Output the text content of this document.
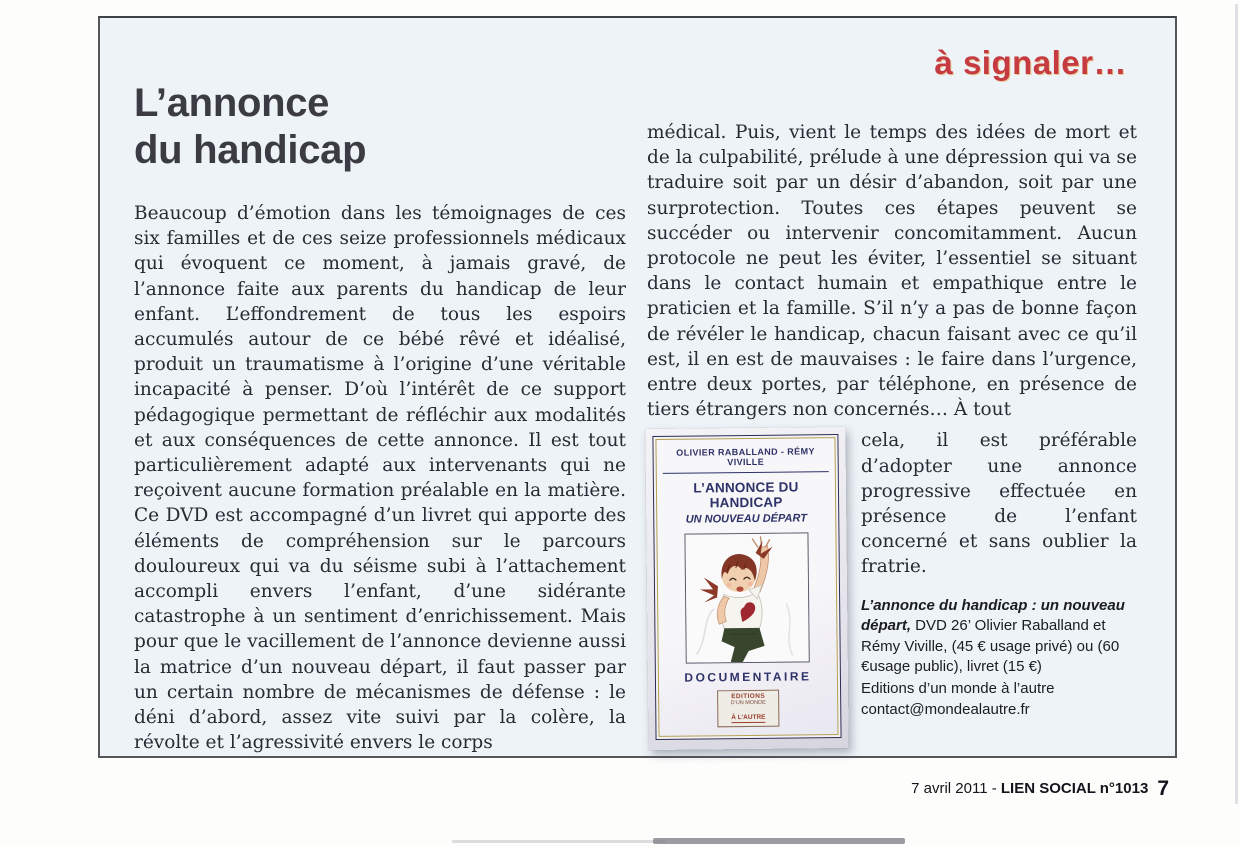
à signaler…
L’annonce
du handicap
Beaucoup d’émotion dans les témoignages de ces six familles et de ces seize professionnels médicaux qui évoquent ce moment, à jamais gravé, de l’annonce faite aux parents du handicap de leur enfant. L’effondrement de tous les espoirs accumulés autour de ce bébé rêvé et idéalisé, produit un traumatisme à l’origine d’une véritable incapacité à penser. D’où l’intérêt de ce support pédagogique permettant de réfléchir aux modalités et aux conséquences de cette annonce. Il est tout particulièrement adapté aux intervenants qui ne reçoivent aucune formation préalable en la matière. Ce DVD est accompagné d’un livret qui apporte des éléments de compréhension sur le parcours douloureux qui va du séisme subi à l’attachement accompli envers l’enfant, d’une sidérante catastrophe à un sentiment d’enrichissement. Mais pour que le vacillement de l’annonce devienne aussi la matrice d’un nouveau départ, il faut passer par un certain nombre de mécanismes de défense : le déni d’abord, assez vite suivi par la colère, la révolte et l’agressivité envers le corps
médical. Puis, vient le temps des idées de mort et de la culpabilité, prélude à une dépression qui va se traduire soit par un désir d’abandon, soit par une surprotection. Toutes ces étapes peuvent se succéder ou intervenir concomitamment. Aucun protocole ne peut les éviter, l’essentiel se situant dans le contact humain et empathique entre le praticien et la famille. S’il n’y a pas de bonne façon de révéler le handicap, chacun faisant avec ce qu’il est, il en est de mauvaises : le faire dans l’urgence, entre deux portes, par téléphone, en présence de tiers étrangers non concernés… À tout
OLIVIER RABALLAND - RÉMY VIVILLE
L’ANNONCE DU HANDICAP
UN NOUVEAU DÉPART
DOCUMENTAIRE
EDITIONS
D’UN MONDE
À L’AUTRE
cela, il est préférable d’adopter une annonce progressive effectuée en présence de l’enfant concerné et sans oublier la fratrie.
L’annonce du handicap : un nouveau départ, DVD 26’ Olivier Raballand et Rémy Viville, (45 € usage privé) ou (60 €usage public), livret (15 €)
Editions d’un monde à l’autre
contact@mondealautre.fr
7 avril 2011 - LIEN SOCIAL n°1013 7
